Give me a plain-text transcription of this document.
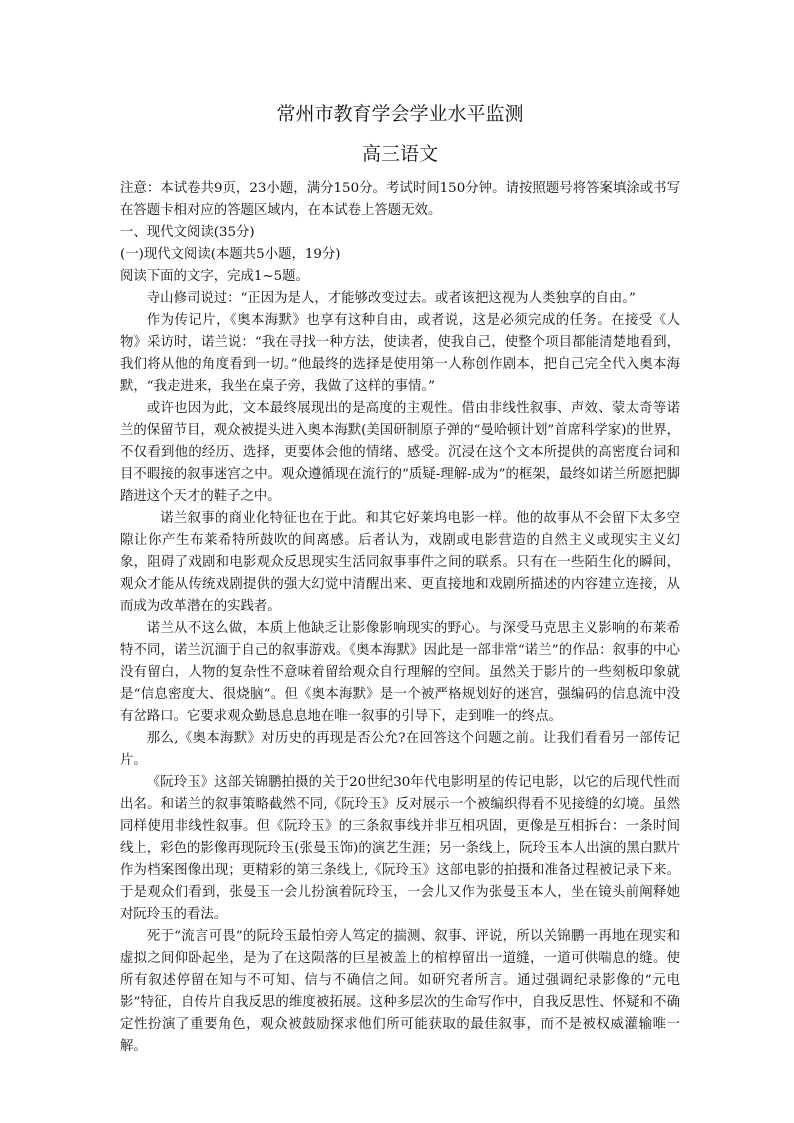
常州市教育学会学业水平监测
高三语文

注意：本试卷共9页，23小题，满分150分。考试时间150分钟。请按照题号将答案填涂或书写在答题卡相对应的答题区域内，在本试卷上答题无效。

一、现代文阅读(35分)

(一)现代文阅读(本题共5小题，19分)

阅读下面的文字，完成1~5题。

寺山修司说过：“正因为是人，才能够改变过去。或者该把这视为人类独享的自由。”

作为传记片，《奥本海默》也享有这种自由，或者说，这是必须完成的任务。在接受《人物》采访时，诺兰说：“我在寻找一种方法，使读者，使我自己，使整个项目都能清楚地看到，我们将从他的角度看到一切。”他最终的选择是使用第一人称创作剧本，把自己完全代入奥本海默，“我走进来，我坐在桌子旁，我做了这样的事情。”

或许也因为此，文本最终展现出的是高度的主观性。借由非线性叙事、声效、蒙太奇等诺兰的保留节目，观众被提头进入奥本海默(美国研制原子弹的“曼哈顿计划”首席科学家)的世界，不仅看到他的经历、选择，更要体会他的情绪、感受。沉浸在这个文本所提供的高密度台词和目不暇接的叙事迷宫之中。观众遵循现在流行的“质疑-理解-成为”的框架，最终如诺兰所愿把脚踏进这个天才的鞋子之中。

诺兰叙事的商业化特征也在于此。和其它好莱坞电影一样。他的故事从不会留下太多空隙让你产生布莱希特所鼓吹的间离感。后者认为，戏剧或电影营造的自然主义或现实主义幻象，阻碍了戏剧和电影观众反思现实生活同叙事事件之间的联系。只有在一些陌生化的瞬间，观众才能从传统戏剧提供的强大幻觉中清醒出来、更直接地和戏剧所描述的内容建立连接，从而成为改革潜在的实践者。

诺兰从不这么做，本质上他缺乏让影像影响现实的野心。与深受马克思主义影响的布莱希特不同，诺兰沉湎于自己的叙事游戏。《奥本海默》因此是一部非常“诺兰”的作品：叙事的中心没有留白，人物的复杂性不意味着留给观众自行理解的空间。虽然关于影片的一些刻板印象就是“信息密度大、很烧脑”。但《奥本海默》是一个被严格规划好的迷宫，强编码的信息流中没有岔路口。它要求观众勤恳息息地在唯一叙事的引导下，走到唯一的终点。

那么,《奥本海默》对历史的再现是否公允?在回答这个问题之前。让我们看看另一部传记片。

《阮玲玉》这部关锦鹏拍摄的关于20世纪30年代电影明星的传记电影，以它的后现代性而出名。和诺兰的叙事策略截然不同,《阮玲玉》反对展示一个被编织得看不见接缝的幻境。虽然同样使用非线性叙事。但《阮玲玉》的三条叙事线并非互相巩固，更像是互相拆台：一条时间线上，彩色的影像再现阮玲玉(张曼玉饰)的演艺生涯；另一条线上，阮玲玉本人出演的黑白默片作为档案图像出现；更精彩的第三条线上,《阮玲玉》这部电影的拍摄和准备过程被记录下来。于是观众们看到，张曼玉一会儿扮演着阮玲玉，一会儿又作为张曼玉本人，坐在镜头前阐释她对阮玲玉的看法。

死于“流言可畏”的阮玲玉最怕旁人笃定的揣测、叙事、评说，所以关锦鹏一再地在现实和虚拟之间仰卧起坐，是为了在这陨落的巨星被盖上的棺椁留出一道缝，一道可供喘息的缝。使所有叙述停留在知与不可知、信与不确信之间。如研究者所言。通过强调纪录影像的“元电影”特征，自传片自我反思的维度被拓展。这种多层次的生命写作中，自我反思性、怀疑和不确定性扮演了重要角色，观众被鼓励探求他们所可能获取的最佳叙事，而不是被权威灌输唯一解。
